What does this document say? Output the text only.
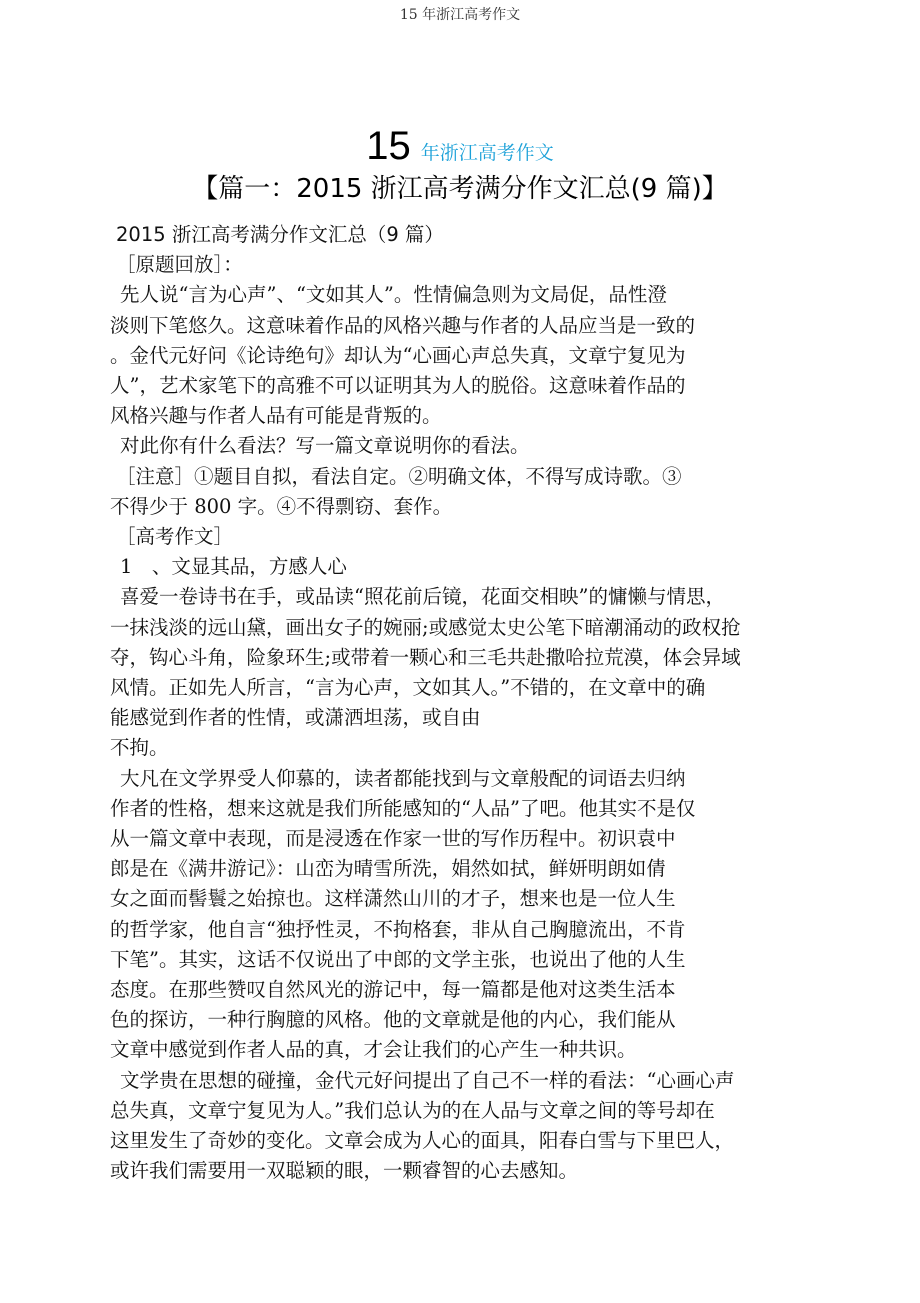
15 年浙江高考作文
15 年浙江高考作文
【篇一：2015 浙江高考满分作文汇总(9 篇)】
2015 浙江高考满分作文汇总（9 篇）
［原题回放］：
先人说“言为心声”、“文如其人”。性情偏急则为文局促，品性澄
淡则下笔悠久。这意味着作品的风格兴趣与作者的人品应当是一致的
。金代元好问《论诗绝句》却认为“心画心声总失真，文章宁复见为
人”，艺术家笔下的高雅不可以证明其为人的脱俗。这意味着作品的
风格兴趣与作者人品有可能是背叛的。
对此你有什么看法？写一篇文章说明你的看法。
［注意］①题目自拟，看法自定。②明确文体，不得写成诗歌。③
不得少于 800 字。④不得剽窃、套作。
［高考作文］
1　、文显其品，方感人心
喜爱一卷诗书在手，或品读“照花前后镜，花面交相映”的慵懒与情思，
一抹浅淡的远山黛，画出女子的婉丽;或感觉太史公笔下暗潮涌动的政权抢
夺，钩心斗角，险象环生;或带着一颗心和三毛共赴撒哈拉荒漠，体会异域
风情。正如先人所言，“言为心声，文如其人。”不错的，在文章中的确
能感觉到作者的性情，或潇洒坦荡，或自由
不拘。
大凡在文学界受人仰慕的，读者都能找到与文章般配的词语去归纳
作者的性格，想来这就是我们所能感知的“人品”了吧。他其实不是仅
从一篇文章中表现，而是浸透在作家一世的写作历程中。初识袁中
郎是在《满井游记》：山峦为晴雪所洗，娟然如拭，鲜妍明朗如倩
女之面而髻鬟之始掠也。这样潇然山川的才子，想来也是一位人生
的哲学家，他自言“独抒性灵，不拘格套，非从自己胸臆流出，不肯
下笔”。其实，这话不仅说出了中郎的文学主张，也说出了他的人生
态度。在那些赞叹自然风光的游记中，每一篇都是他对这类生活本
色的探访，一种行胸臆的风格。他的文章就是他的内心，我们能从
文章中感觉到作者人品的真，才会让我们的心产生一种共识。
文学贵在思想的碰撞，金代元好问提出了自己不一样的看法：“心画心声
总失真，文章宁复见为人。”我们总认为的在人品与文章之间的等号却在
这里发生了奇妙的变化。文章会成为人心的面具，阳春白雪与下里巴人，
或许我们需要用一双聪颖的眼，一颗睿智的心去感知。
